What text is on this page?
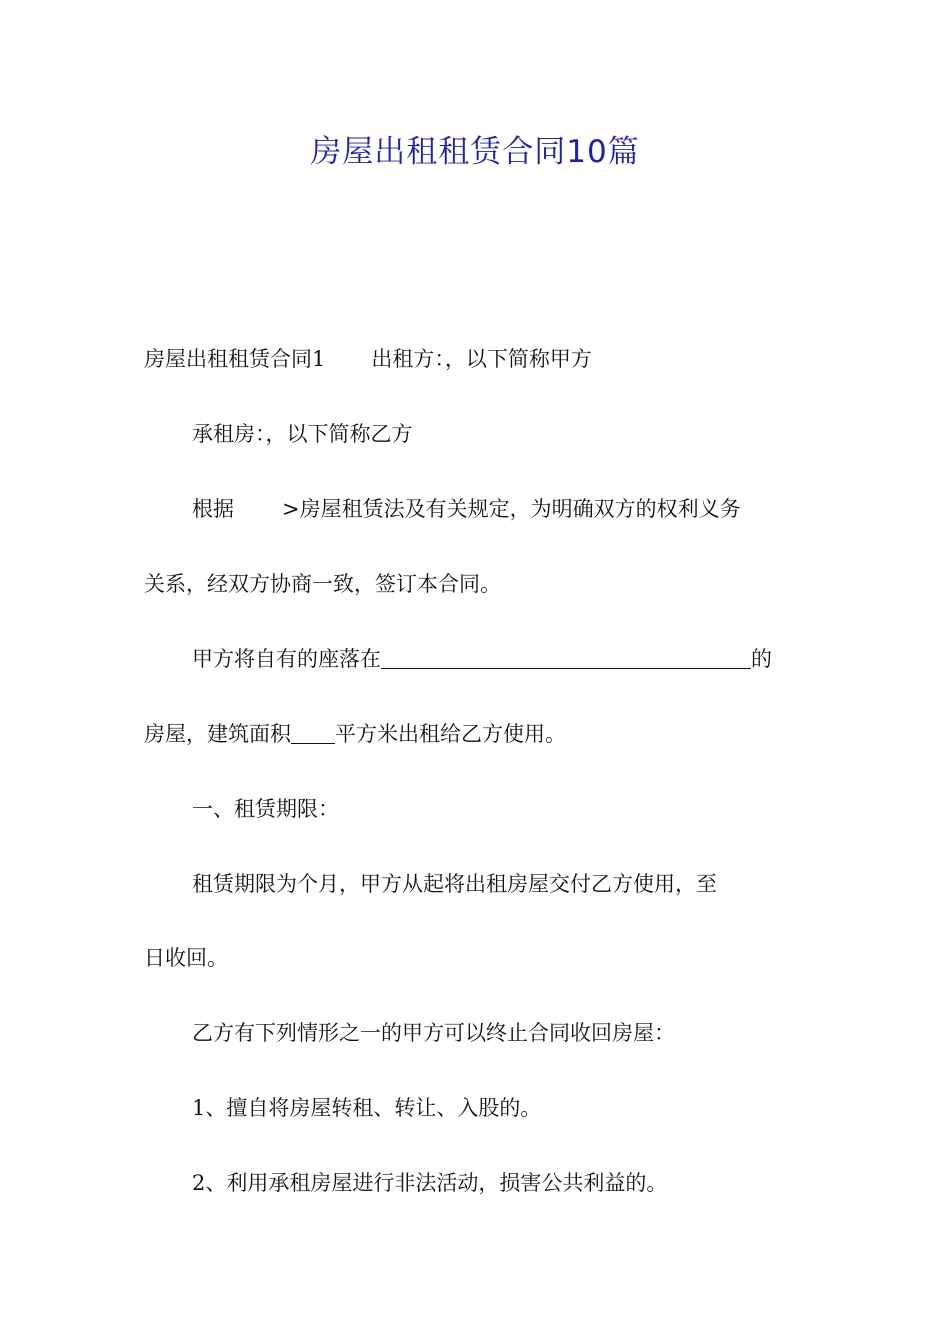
房屋出租租赁合同10篇
房屋出租租赁合同1 出租方：，以下简称甲方
承租房：，以下简称乙方
根据 >房屋租赁法及有关规定，为明确双方的权利义务
关系，经双方协商一致，签订本合同。
甲方将自有的座落在	的
房屋，建筑面积 平方米出租给乙方使用。
一、租赁期限：
租赁期限为个月，甲方从起将出租房屋交付乙方使用，至
日收回。
乙方有下列情形之一的甲方可以终止合同收回房屋：
1、擅自将房屋转租、转让、入股的。
2、利用承租房屋进行非法活动，损害公共利益的。
